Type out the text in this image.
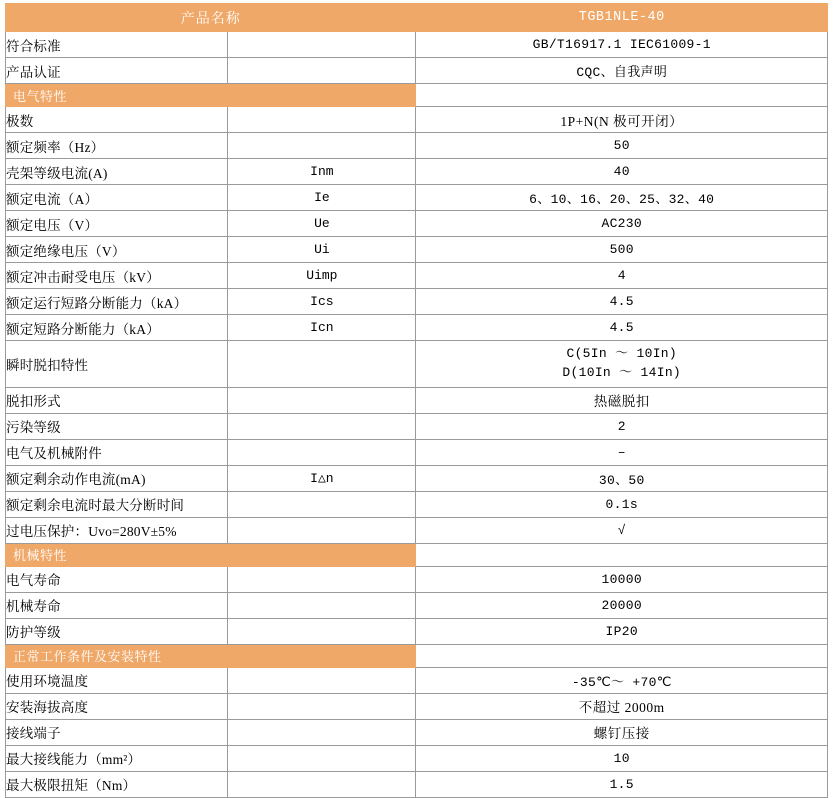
产品名称		TGB1NLE-40
符合标准		GB/T16917.1 IEC61009-1
产品认证		CQC、自我声明
电气特性		
极数		1P+N(N 极可开闭）
额定频率（Hz）		50
壳架等级电流(A)	Inm	40
额定电流（A）	Ie	6、10、16、20、25、32、40
额定电压（V）	Ue	AC230
额定绝缘电压（V）	Ui	500
额定冲击耐受电压（kV）	Uimp	4
额定运行短路分断能力（kA）	Ics	4.5
额定短路分断能力（kA）	Icn	4.5
瞬时脱扣特性		C(5In ～ 10In)
D(10In ～ 14In)

脱扣形式		热磁脱扣
污染等级		2
电气及机械附件		–
额定剩余动作电流(mA)	I△n	30、50
额定剩余电流时最大分断时间		0.1s
过电压保护：Uvo=280V±5%		√
机械特性		
电气寿命		10000
机械寿命		20000
防护等级		IP20
正常工作条件及安装特性		
使用环境温度		-35℃～ +70℃
安装海拔高度		不超过 2000m
接线端子		螺钉压接
最大接线能力（mm²）		10
最大极限扭矩（Nm）		1.5
